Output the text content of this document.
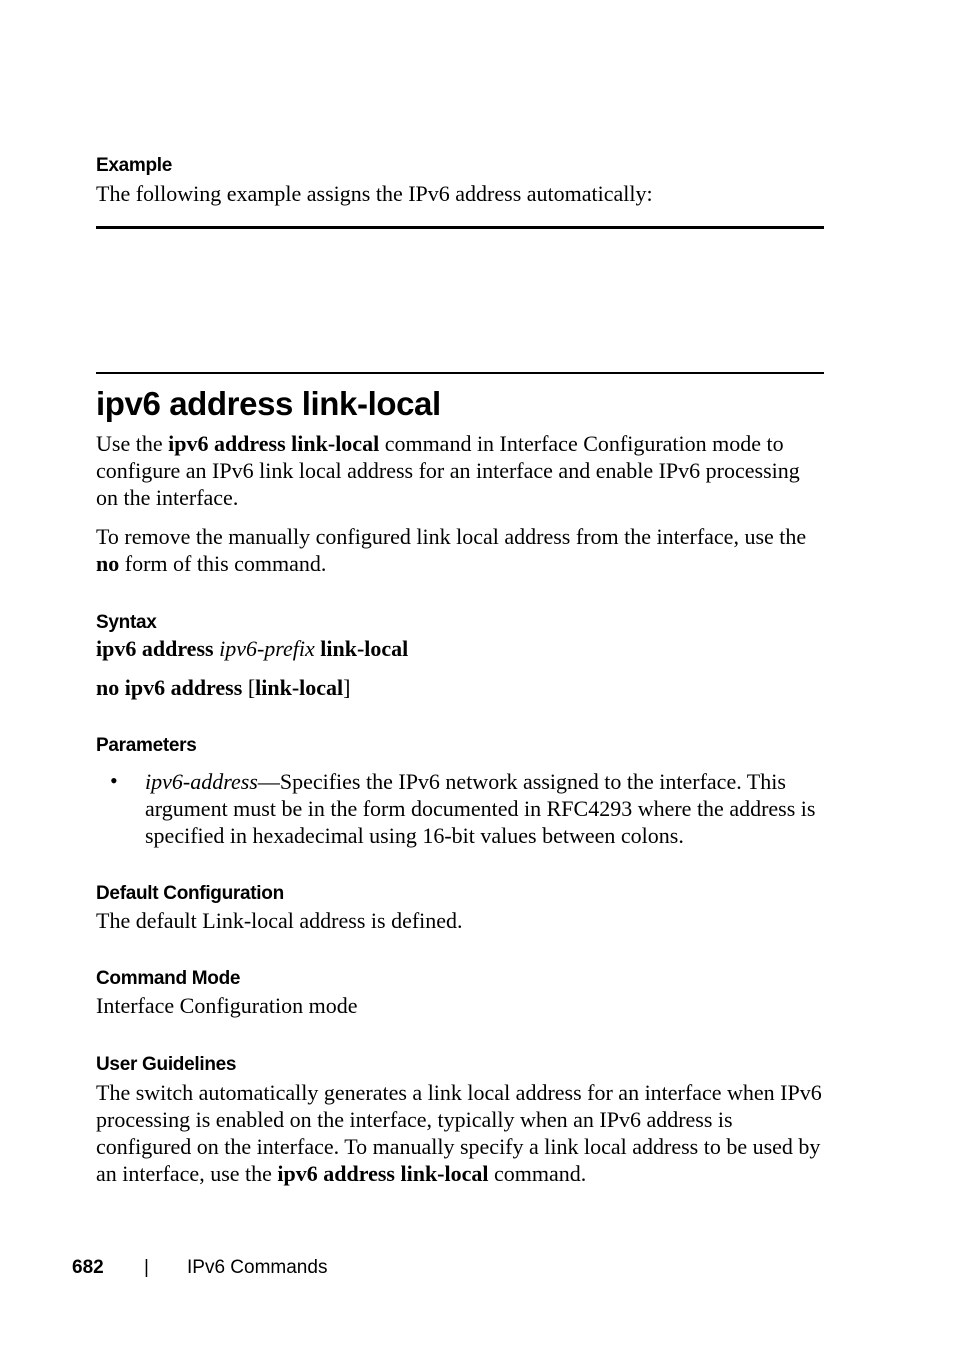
Example

The following example assigns the IPv6 address automatically:

ipv6 address link-local

Use the ipv6 address link-local command in Interface Configuration mode to configure an IPv6 link local address for an interface and enable IPv6 processing on the interface.

To remove the manually configured link local address from the interface, use the no form of this command.

Syntax

ipv6 address ipv6-prefix link-local

no ipv6 address [link-local]

Parameters
• ipv6-address—Specifies the IPv6 network assigned to the interface. This argument must be in the form documented in RFC4293 where the address is specified in hexadecimal using 16-bit values between colons.

Default Configuration

The default Link-local address is defined.

Command Mode

Interface Configuration mode

User Guidelines

The switch automatically generates a link local address for an interface when IPv6 processing is enabled on the interface, typically when an IPv6 address is configured on the interface. To manually specify a link local address to be used by an interface, use the ipv6 address link-local command.

682 | IPv6 Commands
